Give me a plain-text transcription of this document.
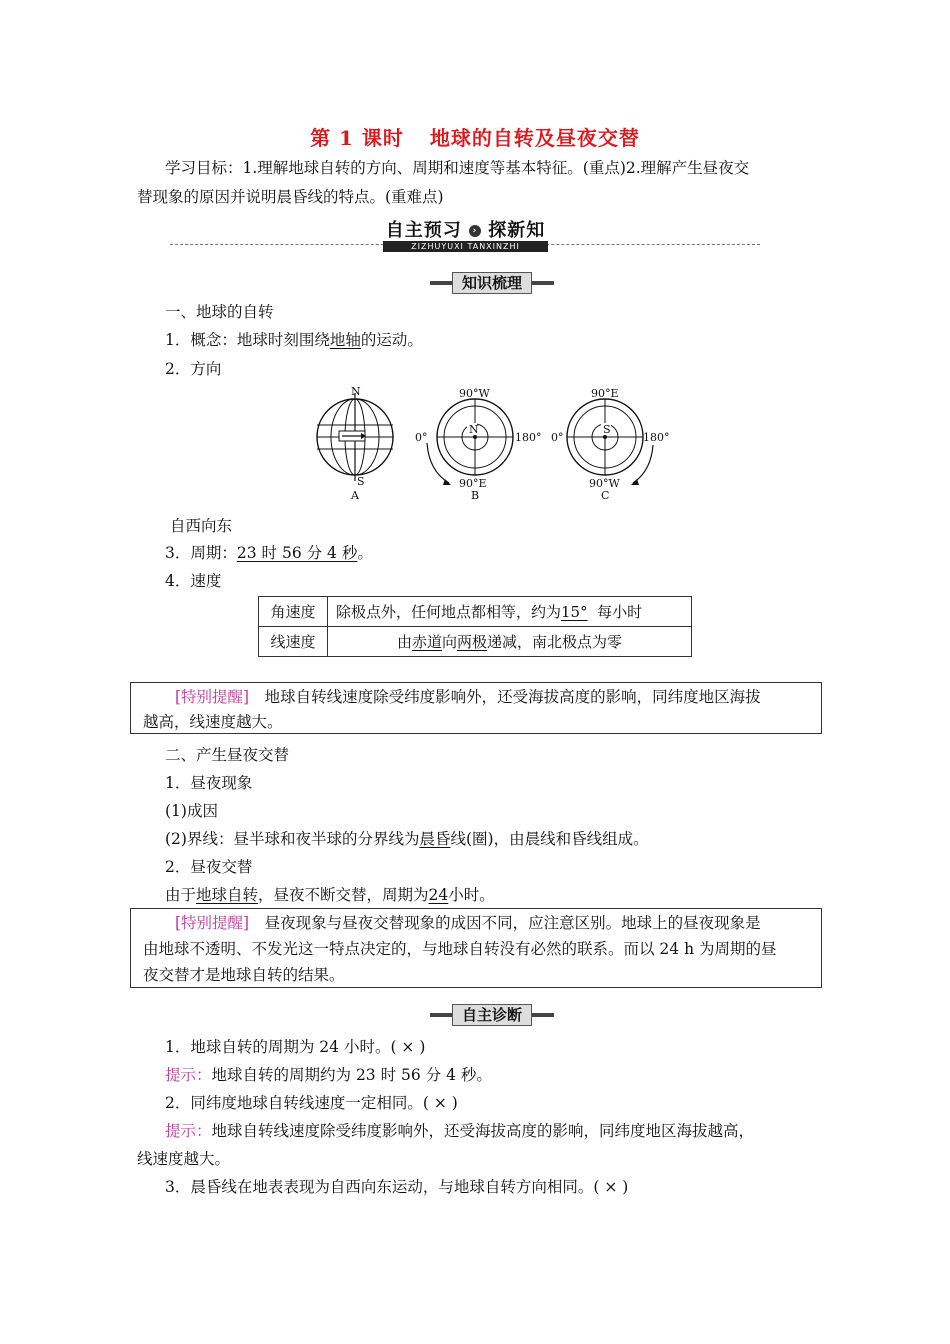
第 1 课时 地球的自转及昼夜交替
学习目标：1.理解地球自转的方向、周期和速度等基本特征。(重点)2.理解产生昼夜交
替现象的原因并说明晨昏线的特点。(重难点)
自主预习 › 探新知
ZIZHUYUXI TANXINZHI
知识梳理
一、地球的自转
1．概念：地球时刻围绕地轴的运动。
2．方向
N
S
A
N
90°W
0°	180°
90°E
B
S
90°E
0°	180°
90°W
C
自西向东
3．周期：23 时 56 分 4 秒。
4．速度
角速度	除极点外，任何地点都相等，约为15° 每小时
线速度	由赤道向两极递减，南北极点为零
[特别提醒]　地球自转线速度除受纬度影响外，还受海拔高度的影响，同纬度地区海拔
越高，线速度越大。
二、产生昼夜交替
1．昼夜现象
(1)成因
(2)界线：昼半球和夜半球的分界线为晨昏线(圈)，由晨线和昏线组成。
2．昼夜交替
由于地球自转，昼夜不断交替，周期为24小时。
[特别提醒]　昼夜现象与昼夜交替现象的成因不同，应注意区别。地球上的昼夜现象是
由地球不透明、不发光这一特点决定的，与地球自转没有必然的联系。而以 24 h 为周期的昼
夜交替才是地球自转的结果。
自主诊断
1．地球自转的周期为 24 小时。( × )
提示：地球自转的周期约为 23 时 56 分 4 秒。
2．同纬度地球自转线速度一定相同。( × )
提示：地球自转线速度除受纬度影响外，还受海拔高度的影响，同纬度地区海拔越高，
线速度越大。
3．晨昏线在地表表现为自西向东运动，与地球自转方向相同。( × )
